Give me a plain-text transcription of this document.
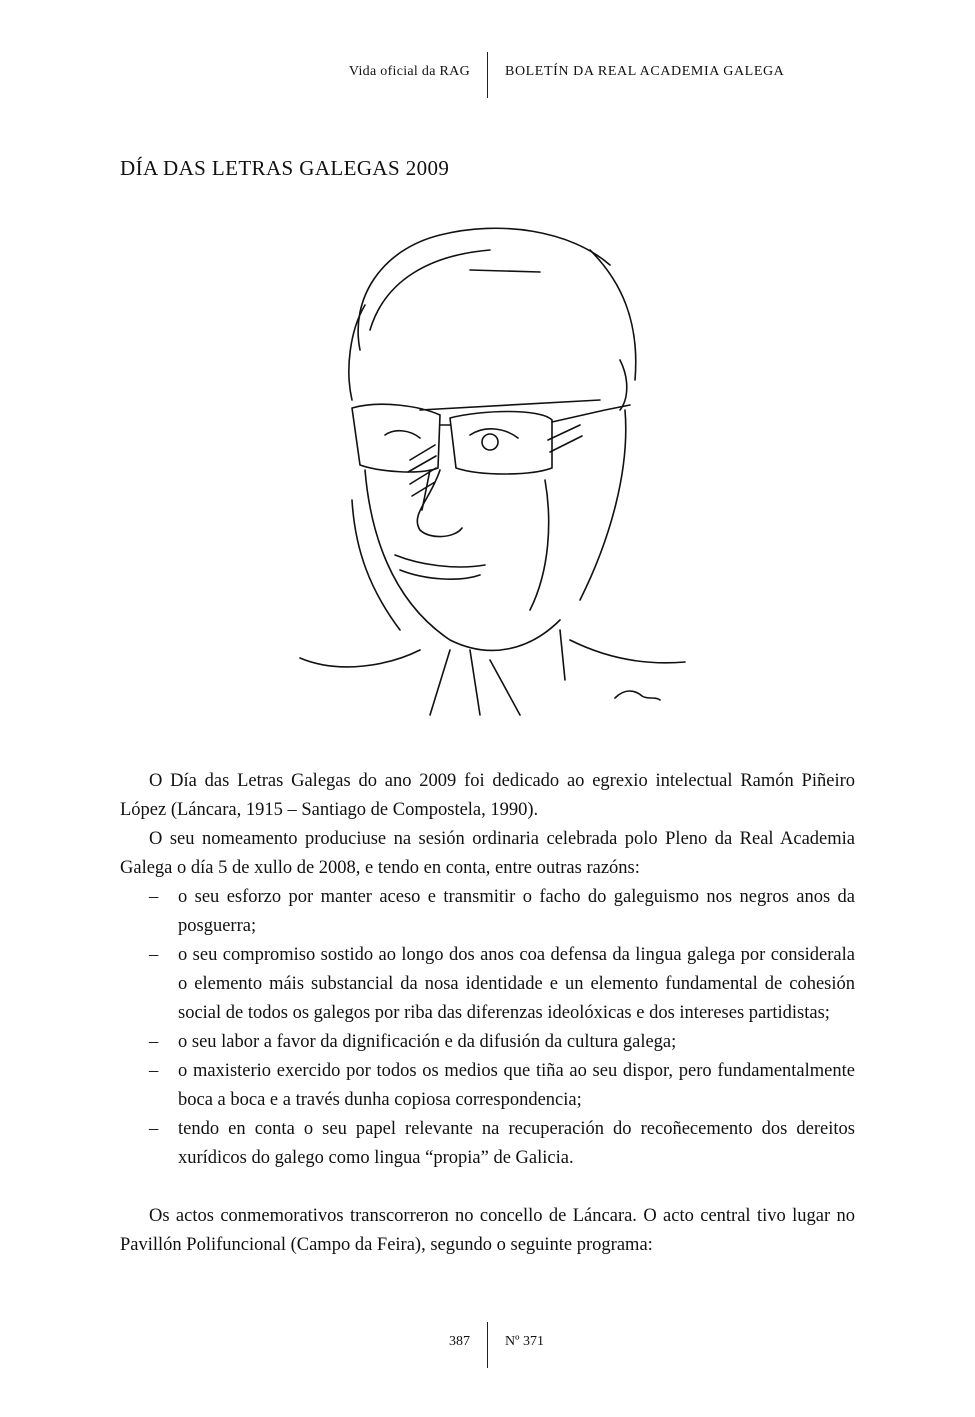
Vida oficial da RAG	BOLETÍN DA REAL ACADEMIA GALEGA
DÍA DAS LETRAS GALEGAS 2009

O Día das Letras Galegas do ano 2009 foi dedicado ao egrexio intelectual Ramón Piñeiro López (Láncara, 1915 – Santiago de Compostela, 1990).

O seu nomeamento produciuse na sesión ordinaria celebrada polo Pleno da Real Academia Galega o día 5 de xullo de 2008, e tendo en conta, entre outras razóns:

– o seu esforzo por manter aceso e transmitir o facho do galeguismo nos negros anos da posguerra;
– o seu compromiso sostido ao longo dos anos coa defensa da lingua galega por considerala o elemento máis substancial da nosa identidade e un elemento fundamental de cohesión social de todos os galegos por riba das diferenzas ideolóxicas e dos intereses partidistas;
– o seu labor a favor da dignificación e da difusión da cultura galega;
– o maxisterio exercido por todos os medios que tiña ao seu dispor, pero fundamentalmente boca a boca e a través dunha copiosa correspondencia;
– tendo en conta o seu papel relevante na recuperación do recoñecemento dos dereitos xurídicos do galego como lingua “propia” de Galicia.

Os actos conmemorativos transcorreron no concello de Láncara. O acto central tivo lugar no Pavillón Polifuncional (Campo da Feira), segundo o seguinte programa:

387	Nº 371
